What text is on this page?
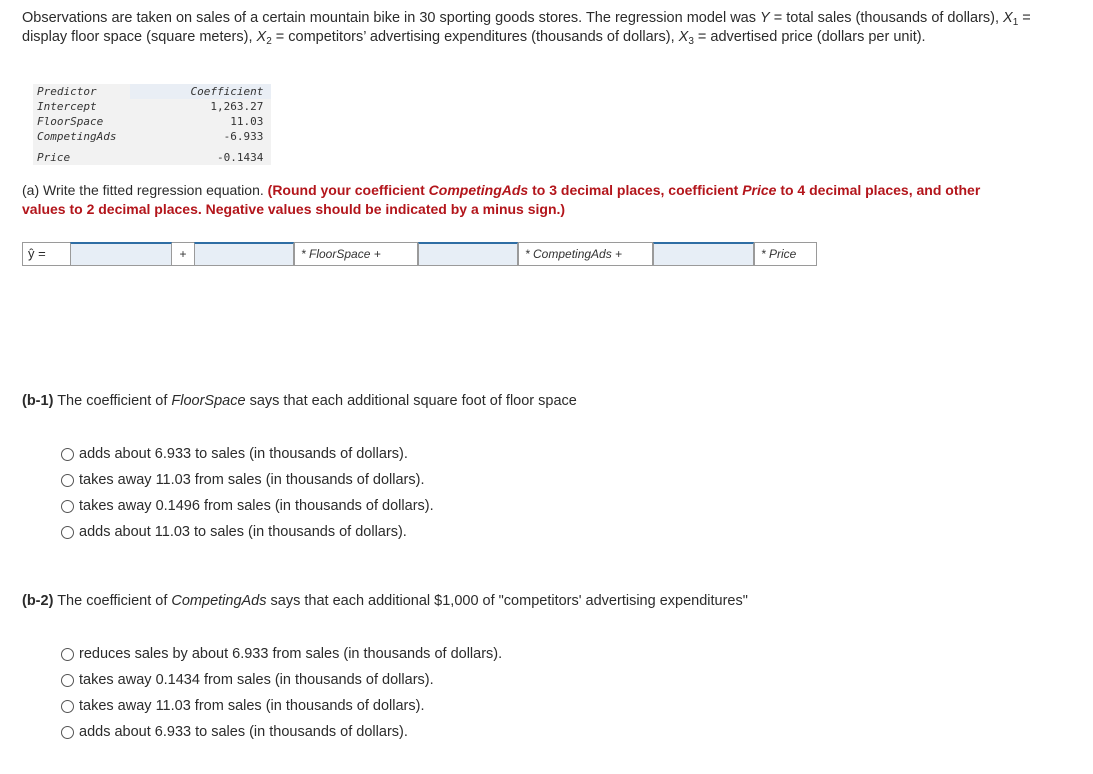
Observations are taken on sales of a certain mountain bike in 30 sporting goods stores. The regression model was Y = total sales (thousands of dollars), $X_1$ = display floor space (square meters), $X_2$ = competitors’ advertising expenditures (thousands of dollars), $X_3$ = advertised price (dollars per unit).
Predictor	Coefficient
Intercept	1,263.27
FloorSpace	11.03
CompetingAds	-6.933
Price	-0.1434
(a) Write the fitted regression equation. (Round your coefficient CompetingAds to 3 decimal places, coefficient Price to 4 decimal places, and other values to 2 decimal places. Negative values should be indicated by a minus sign.)
ŷ =	+	* FloorSpace +	* CompetingAds +	* Price
(b-1) The coefficient of FloorSpace says that each additional square foot of floor space
adds about 6.933 to sales (in thousands of dollars).
takes away 11.03 from sales (in thousands of dollars).
takes away 0.1496 from sales (in thousands of dollars).
adds about 11.03 to sales (in thousands of dollars).
(b-2) The coefficient of CompetingAds says that each additional $1,000 of "competitors' advertising expenditures"
reduces sales by about 6.933 from sales (in thousands of dollars).
takes away 0.1434 from sales (in thousands of dollars).
takes away 11.03 from sales (in thousands of dollars).
adds about 6.933 to sales (in thousands of dollars).
